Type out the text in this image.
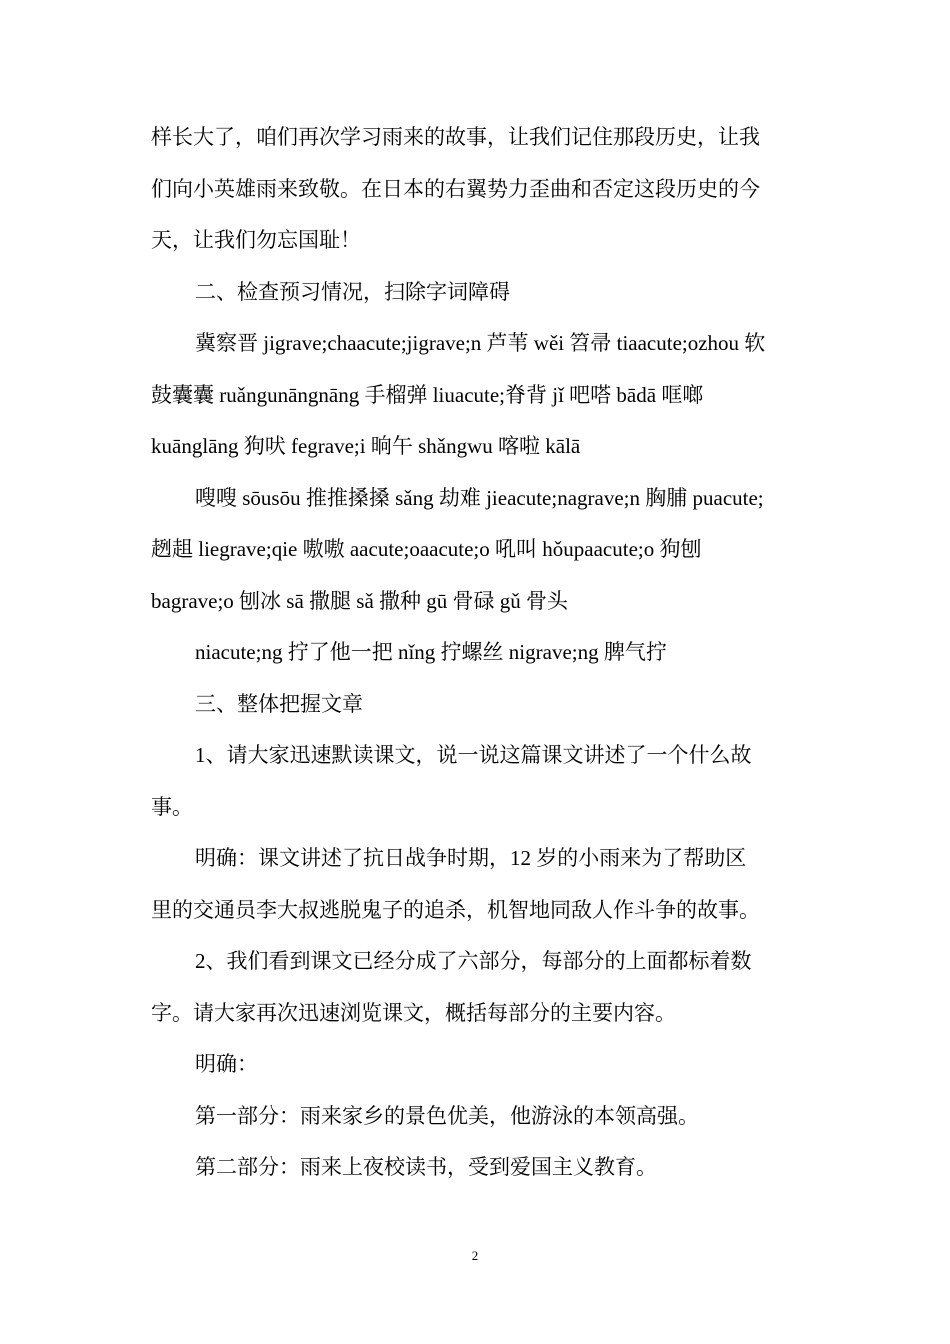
样长大了，咱们再次学习雨来的故事，让我们记住那段历史，让我
们向小英雄雨来致敬。在日本的右翼势力歪曲和否定这段历史的今
天，让我们勿忘国耻！
二、检查预习情况，扫除字词障碍
冀察晋 jigrave;chaacute;jigrave;n 芦苇 wěi 笤帚 tiaacute;ozhou 软
鼓囊囊 ruǎngunāngnāng 手榴弹 liuacute;脊背 jǐ 吧嗒 bādā 哐啷
kuānglāng 狗吠 fegrave;i 晌午 shǎngwu 喀啦 kālā
嗖嗖 sōusōu 推推搡搡 sǎng 劫难 jieacute;nagrave;n 胸脯 puacute;
趔趄 liegrave;qie 嗷嗷 aacute;oaacute;o 吼叫 hǒupaacute;o 狗刨
bagrave;o 刨冰 sā 撒腿 sǎ 撒种 gū 骨碌 gǔ 骨头
niacute;ng 拧了他一把 nǐng 拧螺丝 nigrave;ng 脾气拧
三、整体把握文章
1、请大家迅速默读课文，说一说这篇课文讲述了一个什么故
事。
明确：课文讲述了抗日战争时期，12 岁的小雨来为了帮助区
里的交通员李大叔逃脱鬼子的追杀，机智地同敌人作斗争的故事。
2、我们看到课文已经分成了六部分，每部分的上面都标着数
字。请大家再次迅速浏览课文，概括每部分的主要内容。
明确：
第一部分：雨来家乡的景色优美，他游泳的本领高强。
第二部分：雨来上夜校读书，受到爱国主义教育。
2
